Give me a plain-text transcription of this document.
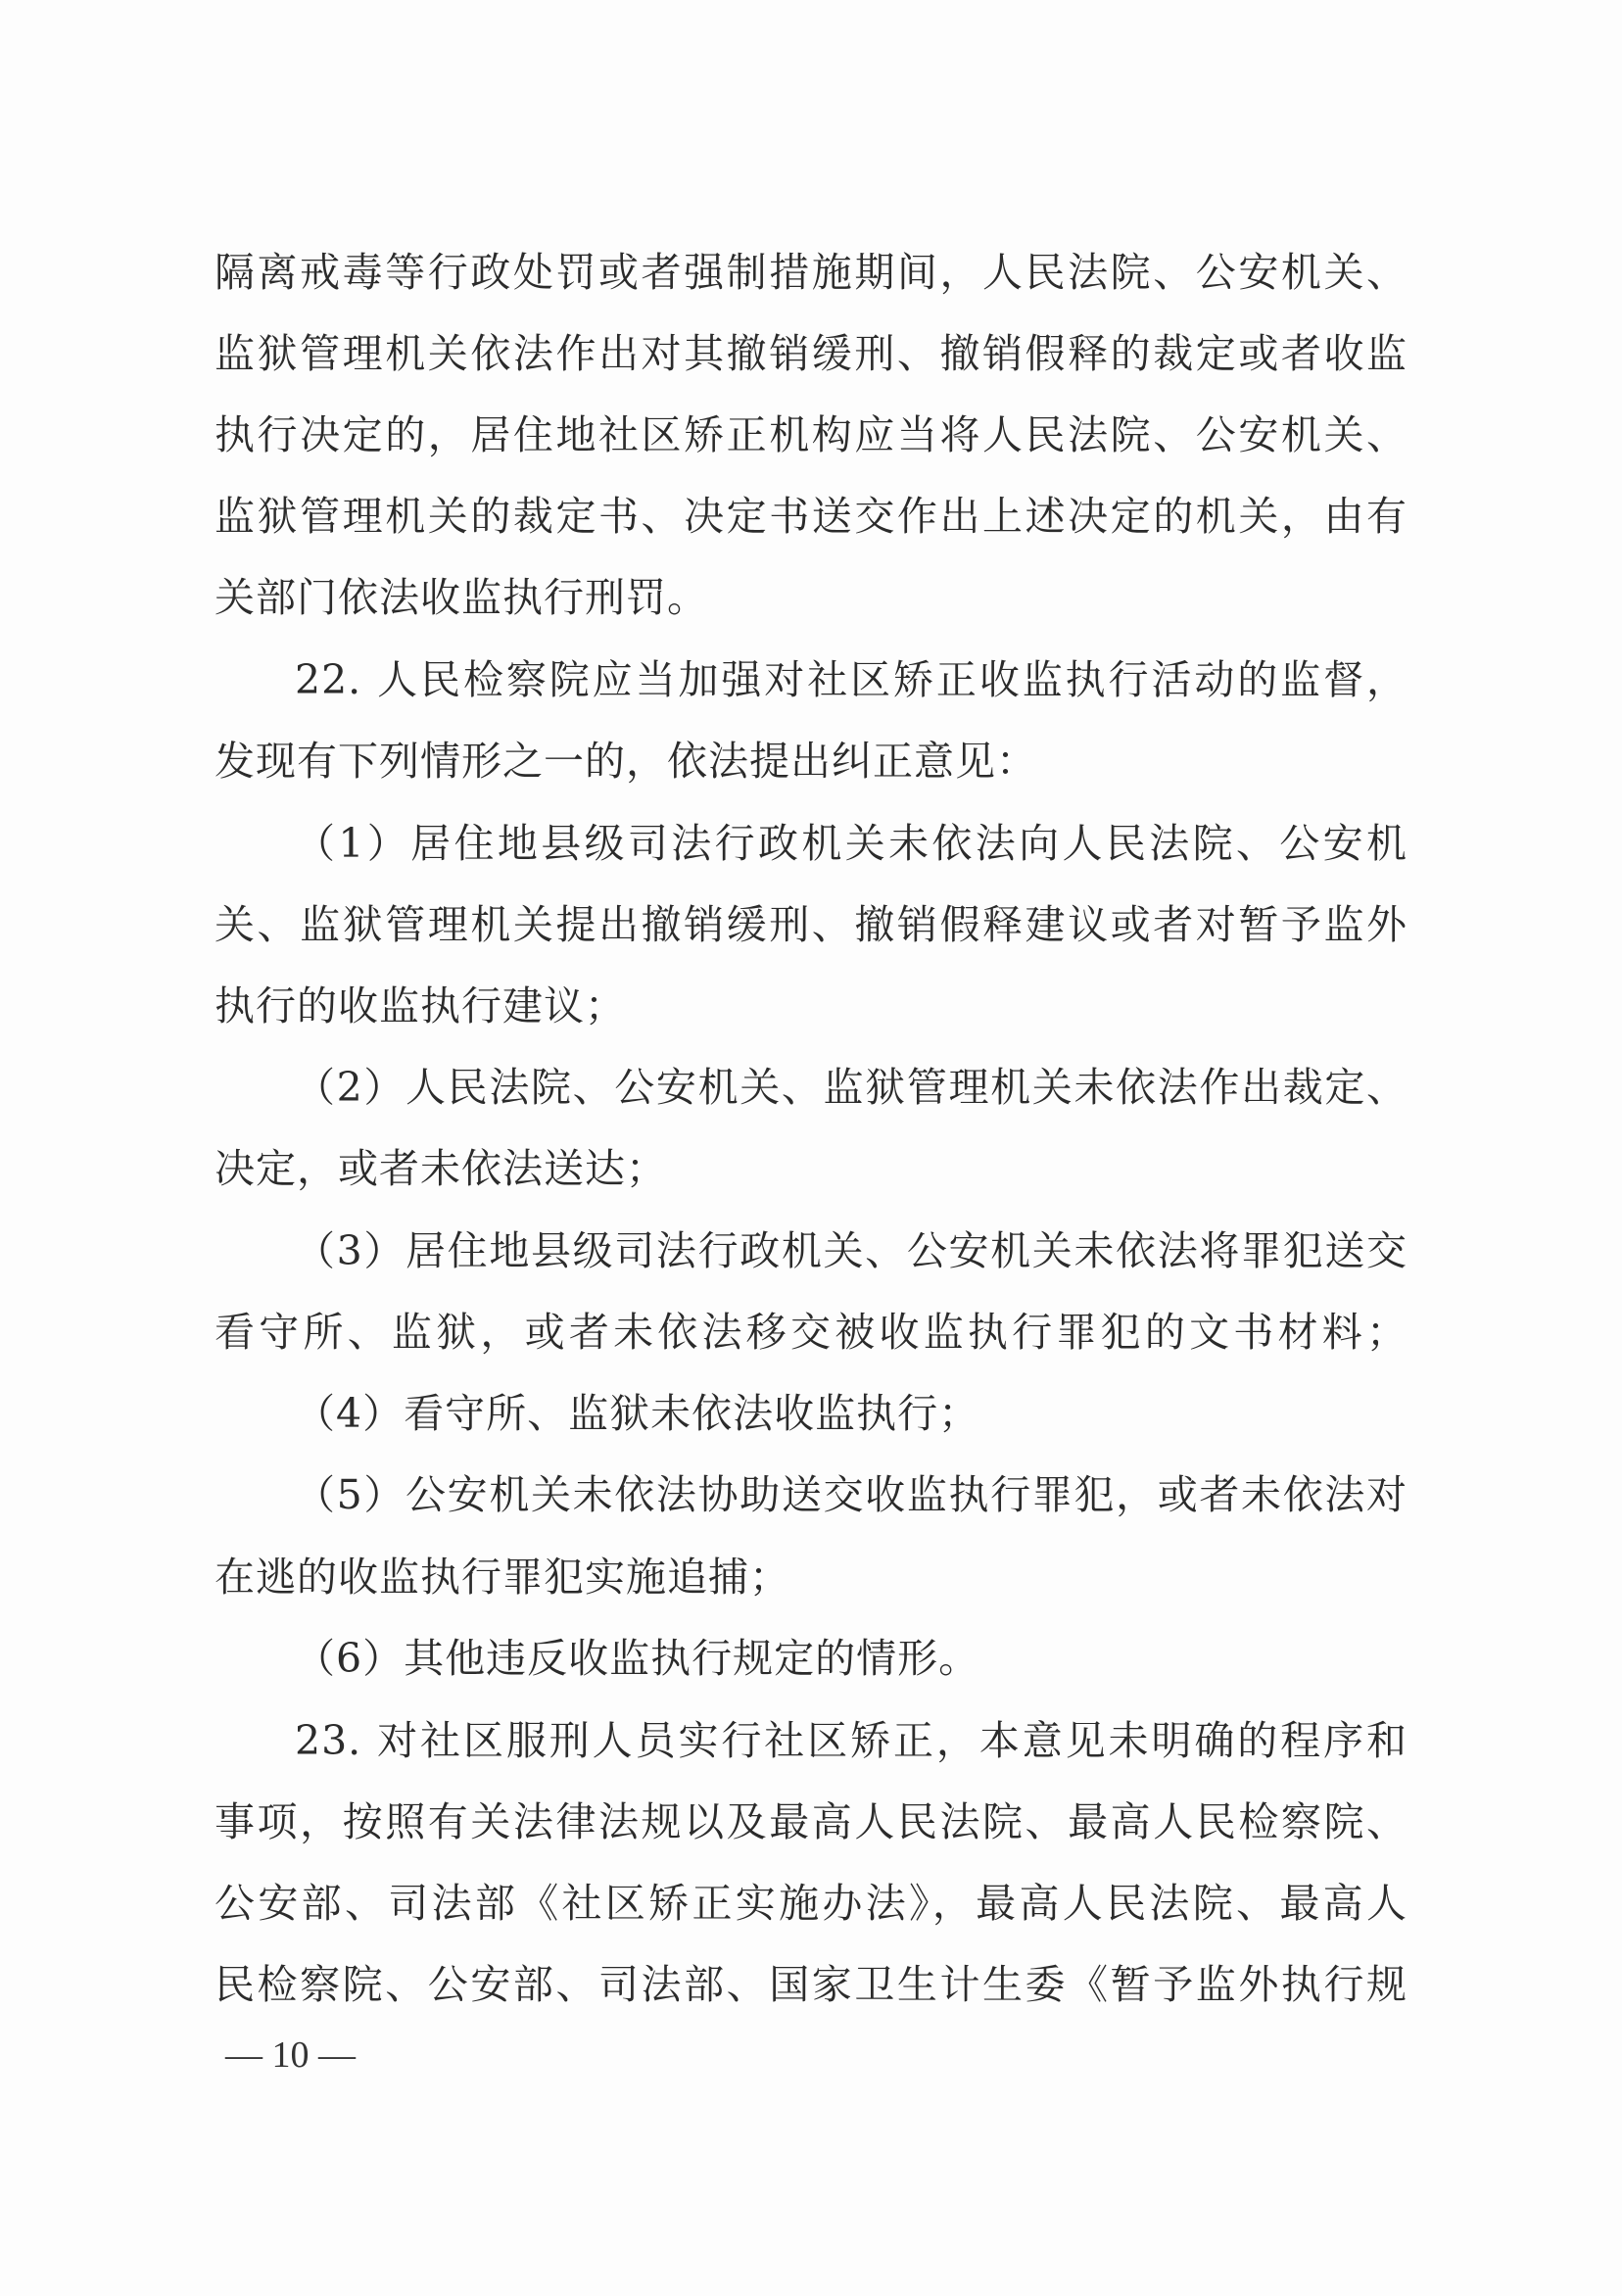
隔离戒毒等行政处罚或者强制措施期间，人民法院、公安机关、
监狱管理机关依法作出对其撤销缓刑、撤销假释的裁定或者收监
执行决定的，居住地社区矫正机构应当将人民法院、公安机关、
监狱管理机关的裁定书、决定书送交作出上述决定的机关，由有
关部门依法收监执行刑罚。
22. 人民检察院应当加强对社区矫正收监执行活动的监督，
发现有下列情形之一的，依法提出纠正意见：
（1）居住地县级司法行政机关未依法向人民法院、公安机
关、监狱管理机关提出撤销缓刑、撤销假释建议或者对暂予监外
执行的收监执行建议；
（2）人民法院、公安机关、监狱管理机关未依法作出裁定、
决定，或者未依法送达；
（3）居住地县级司法行政机关、公安机关未依法将罪犯送交
看守所、监狱，或者未依法移交被收监执行罪犯的文书材料；
（4）看守所、监狱未依法收监执行；
（5）公安机关未依法协助送交收监执行罪犯，或者未依法对
在逃的收监执行罪犯实施追捕；
（6）其他违反收监执行规定的情形。
23. 对社区服刑人员实行社区矫正，本意见未明确的程序和
事项，按照有关法律法规以及最高人民法院、最高人民检察院、
公安部、司法部《社区矫正实施办法》，最高人民法院、最高人
民检察院、公安部、司法部、国家卫生计生委《暂予监外执行规
— 10 —
